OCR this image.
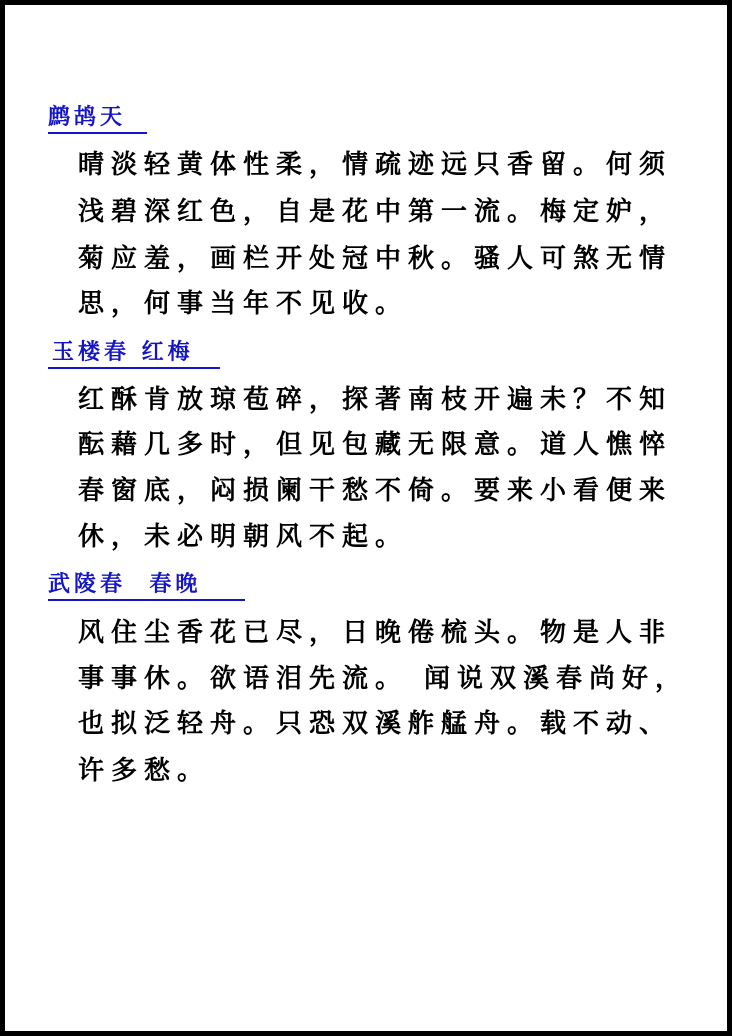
鹧鸪天
晴淡轻黄体性柔，情疏迹远只香留。何须
浅碧深红色，自是花中第一流。梅定妒，
菊应羞，画栏开处冠中秋。骚人可煞无情
思，何事当年不见收。
玉楼春 红梅
红酥肯放琼苞碎，探著南枝开遍未？不知
酝藉几多时，但见包藏无限意。道人憔悴
春窗底，闷损阑干愁不倚。要来小看便来
休，未必明朝风不起。
武陵春  春晚
风住尘香花已尽，日晚倦梳头。物是人非
事事休。欲语泪先流。 闻说双溪春尚好，
也拟泛轻舟。只恐双溪舴艋舟。载不动、
许多愁。
